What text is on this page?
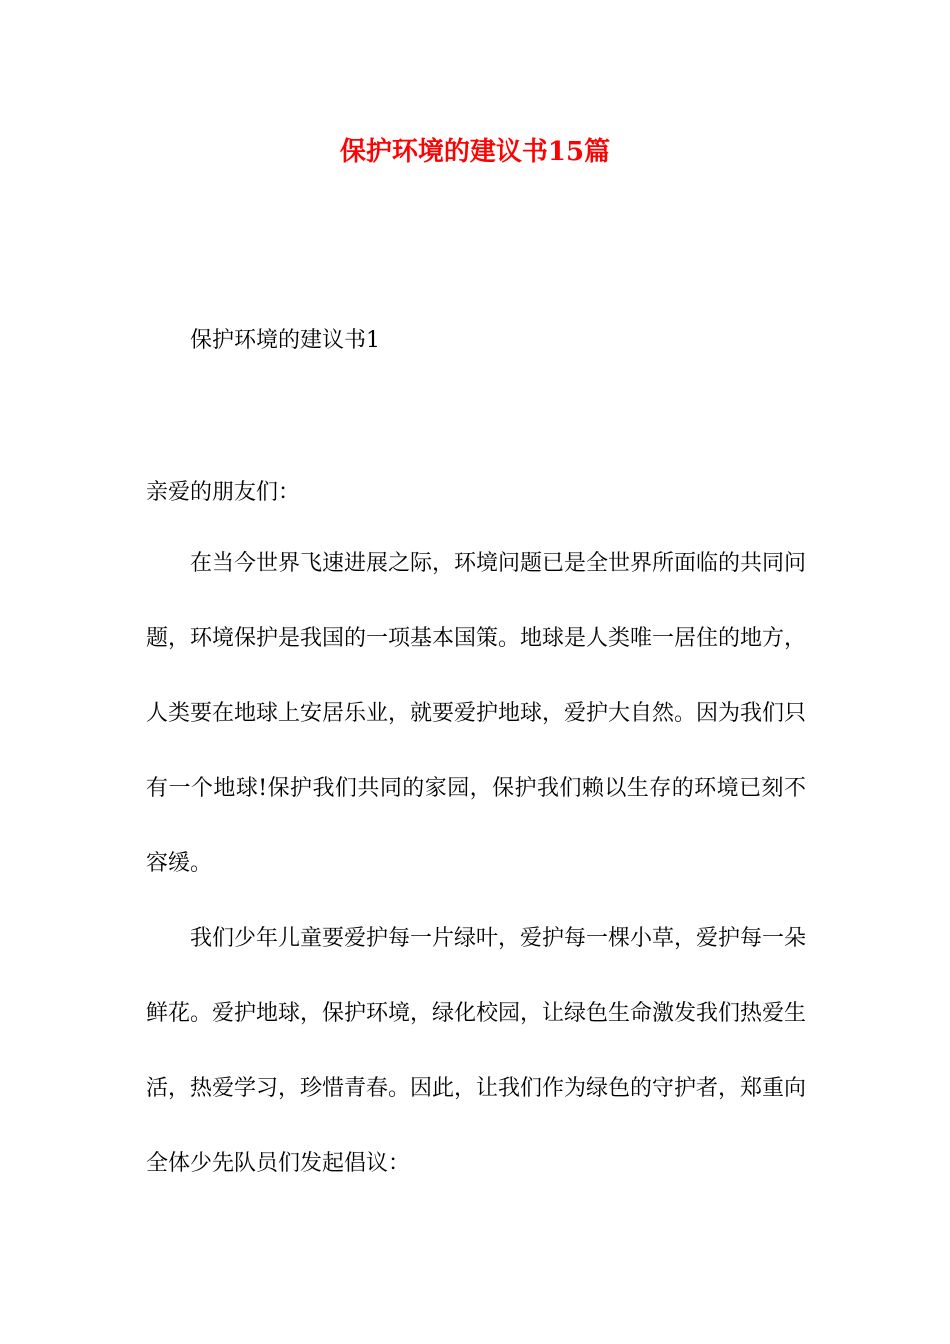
保护环境的建议书15篇
保护环境的建议书1
亲爱的朋友们：

在当今世界飞速进展之际，环境问题已是全世界所面临的共同问题，环境保护是我国的一项基本国策。地球是人类唯一居住的地方，人类要在地球上安居乐业，就要爱护地球，爱护大自然。因为我们只有一个地球!保护我们共同的家园，保护我们赖以生存的环境已刻不容缓。

我们少年儿童要爱护每一片绿叶，爱护每一棵小草，爱护每一朵鲜花。爱护地球，保护环境，绿化校园，让绿色生命激发我们热爱生活，热爱学习，珍惜青春。因此，让我们作为绿色的守护者，郑重向全体少先队员们发起倡议：
